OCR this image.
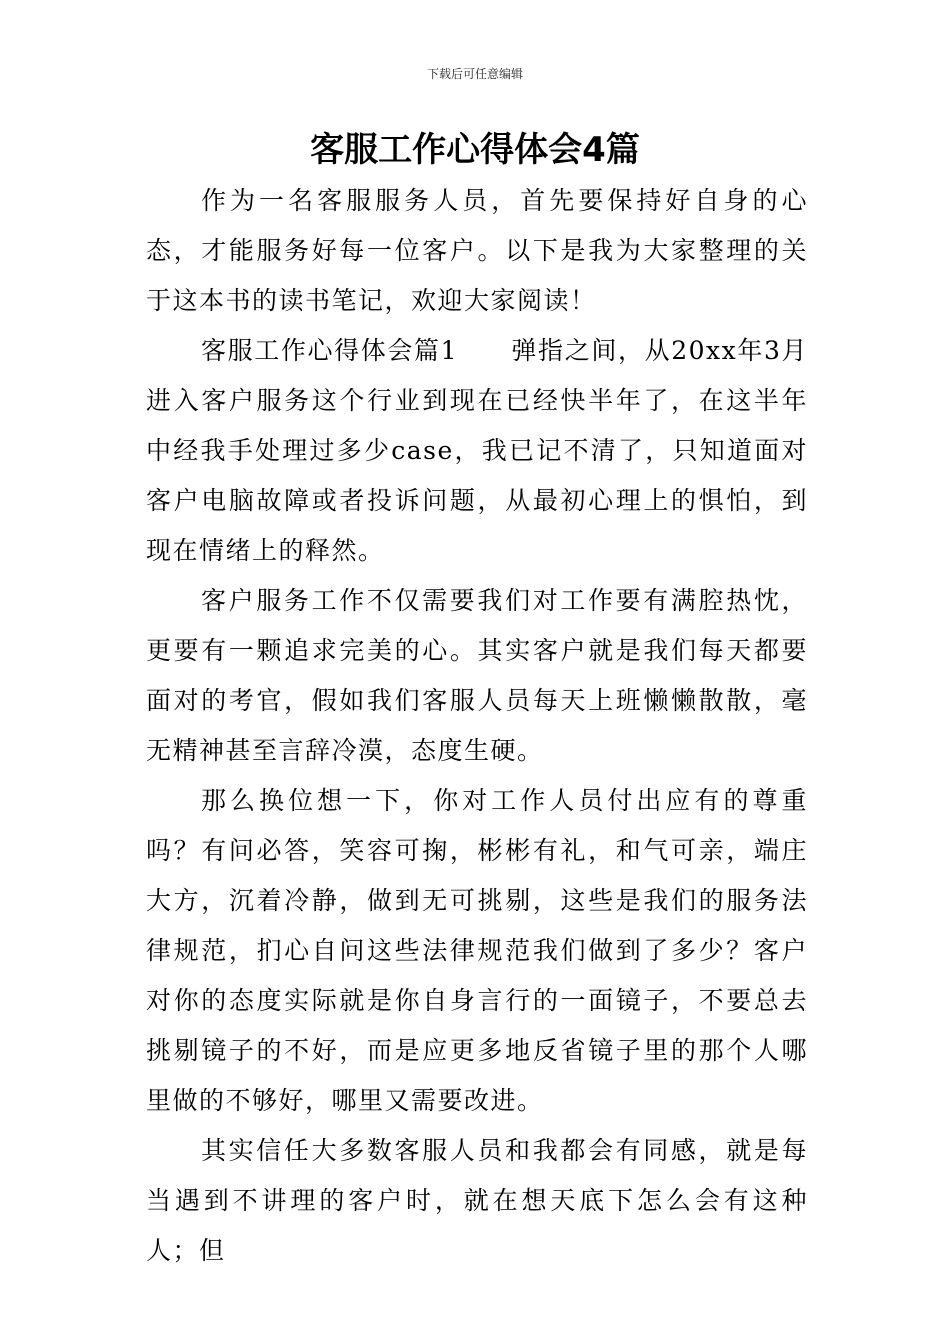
下载后可任意编辑
客服工作心得体会4篇

作为一名客服服务人员，首先要保持好自身的心态，才能服务好每一位客户。以下是我为大家整理的关于这本书的读书笔记，欢迎大家阅读！

客服工作心得体会篇1　　弹指之间，从20xx年3月进入客户服务这个行业到现在已经快半年了，在这半年中经我手处理过多少case，我已记不清了，只知道面对客户电脑故障或者投诉问题，从最初心理上的惧怕，到现在情绪上的释然。

客户服务工作不仅需要我们对工作要有满腔热忱，更要有一颗追求完美的心。其实客户就是我们每天都要面对的考官，假如我们客服人员每天上班懒懒散散，毫无精神甚至言辞冷漠，态度生硬。

那么换位想一下，你对工作人员付出应有的尊重吗？有问必答，笑容可掬，彬彬有礼，和气可亲，端庄大方，沉着冷静，做到无可挑剔，这些是我们的服务法律规范，扪心自问这些法律规范我们做到了多少？客户对你的态度实际就是你自身言行的一面镜子，不要总去挑剔镜子的不好，而是应更多地反省镜子里的那个人哪里做的不够好，哪里又需要改进。

其实信任大多数客服人员和我都会有同感，就是每当遇到不讲理的客户时，就在想天底下怎么会有这种人；但
